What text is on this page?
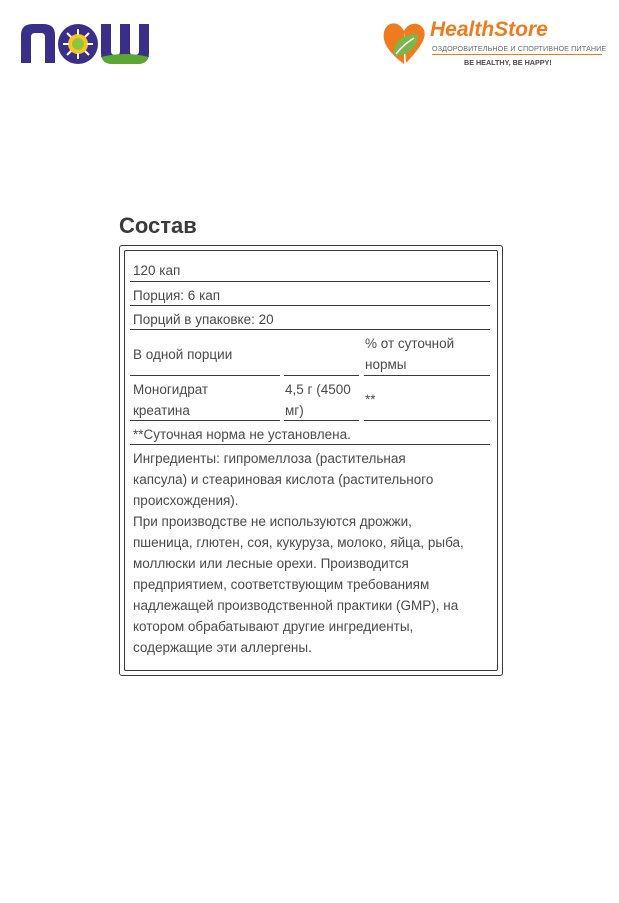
HealthStore
ОЗДОРОВИТЕЛЬНОЕ И СПОРТИВНОЕ ПИТАНИЕ
BE HEALTHY, BE HAPPY!
Состав
120 кап
Порция: 6 кап
Порций в упаковке: 20
В одной порции
% от суточной
нормы
Моногидрат
креатина
4,5 г (4500
мг)
**
**Суточная норма не установлена.
Ингредиенты: гипромеллоза (растительная
капсула) и стеариновая кислота (растительного
происхождения).
При производстве не используются дрожжи,
пшеница, глютен, соя, кукуруза, молоко, яйца, рыба,
моллюски или лесные орехи. Производится
предприятием, соответствующим требованиям
надлежащей производственной практики (GMP), на
котором обрабатывают другие ингредиенты,
содержащие эти аллергены.
